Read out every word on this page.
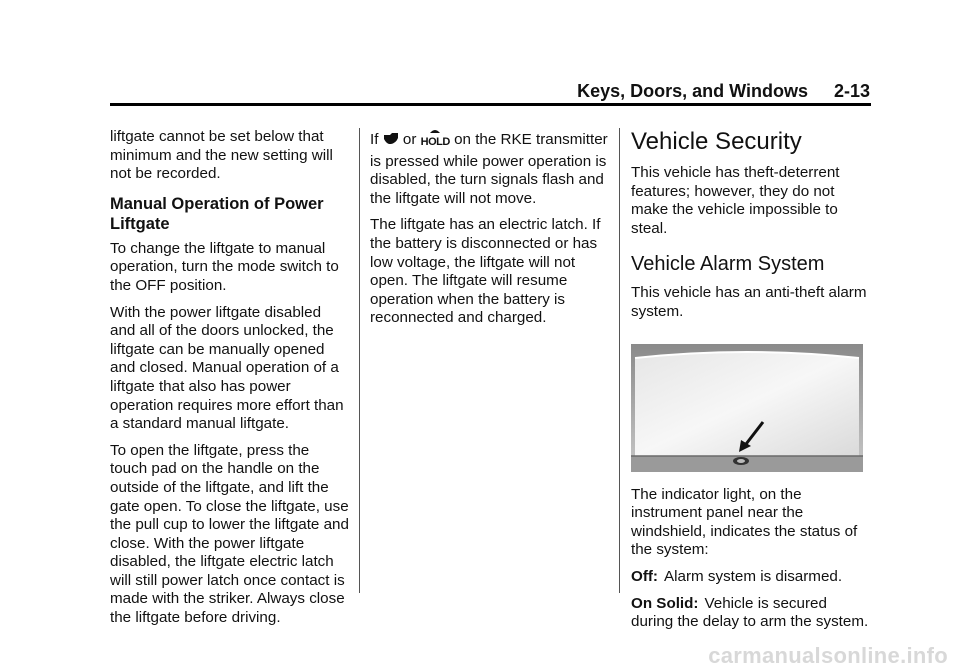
Keys, Doors, and Windows 2-13

liftgate cannot be set below that minimum and the new setting will not be recorded.

Manual Operation of Power Liftgate

To change the liftgate to manual operation, turn the mode switch to the OFF position.

With the power liftgate disabled and all of the doors unlocked, the liftgate can be manually opened and closed. Manual operation of a liftgate that also has power operation requires more effort than a standard manual liftgate.

To open the liftgate, press the touch pad on the handle on the outside of the liftgate, and lift the gate open. To close the liftgate, use the pull cup to lower the liftgate and close. With the power liftgate disabled, the liftgate electric latch will still power latch once contact is made with the striker. Always close the liftgate before driving.

If or HOLD on the RKE transmitter is pressed while power operation is disabled, the turn signals flash and the liftgate will not move.

The liftgate has an electric latch. If the battery is disconnected or has low voltage, the liftgate will not open. The liftgate will resume operation when the battery is reconnected and charged.

Vehicle Security

This vehicle has theft-deterrent features; however, they do not make the vehicle impossible to steal.

Vehicle Alarm System

This vehicle has an anti-theft alarm system.

The indicator light, on the instrument panel near the windshield, indicates the status of the system:

Off: Alarm system is disarmed.

On Solid: Vehicle is secured during the delay to arm the system.

carmanualsonline.info
